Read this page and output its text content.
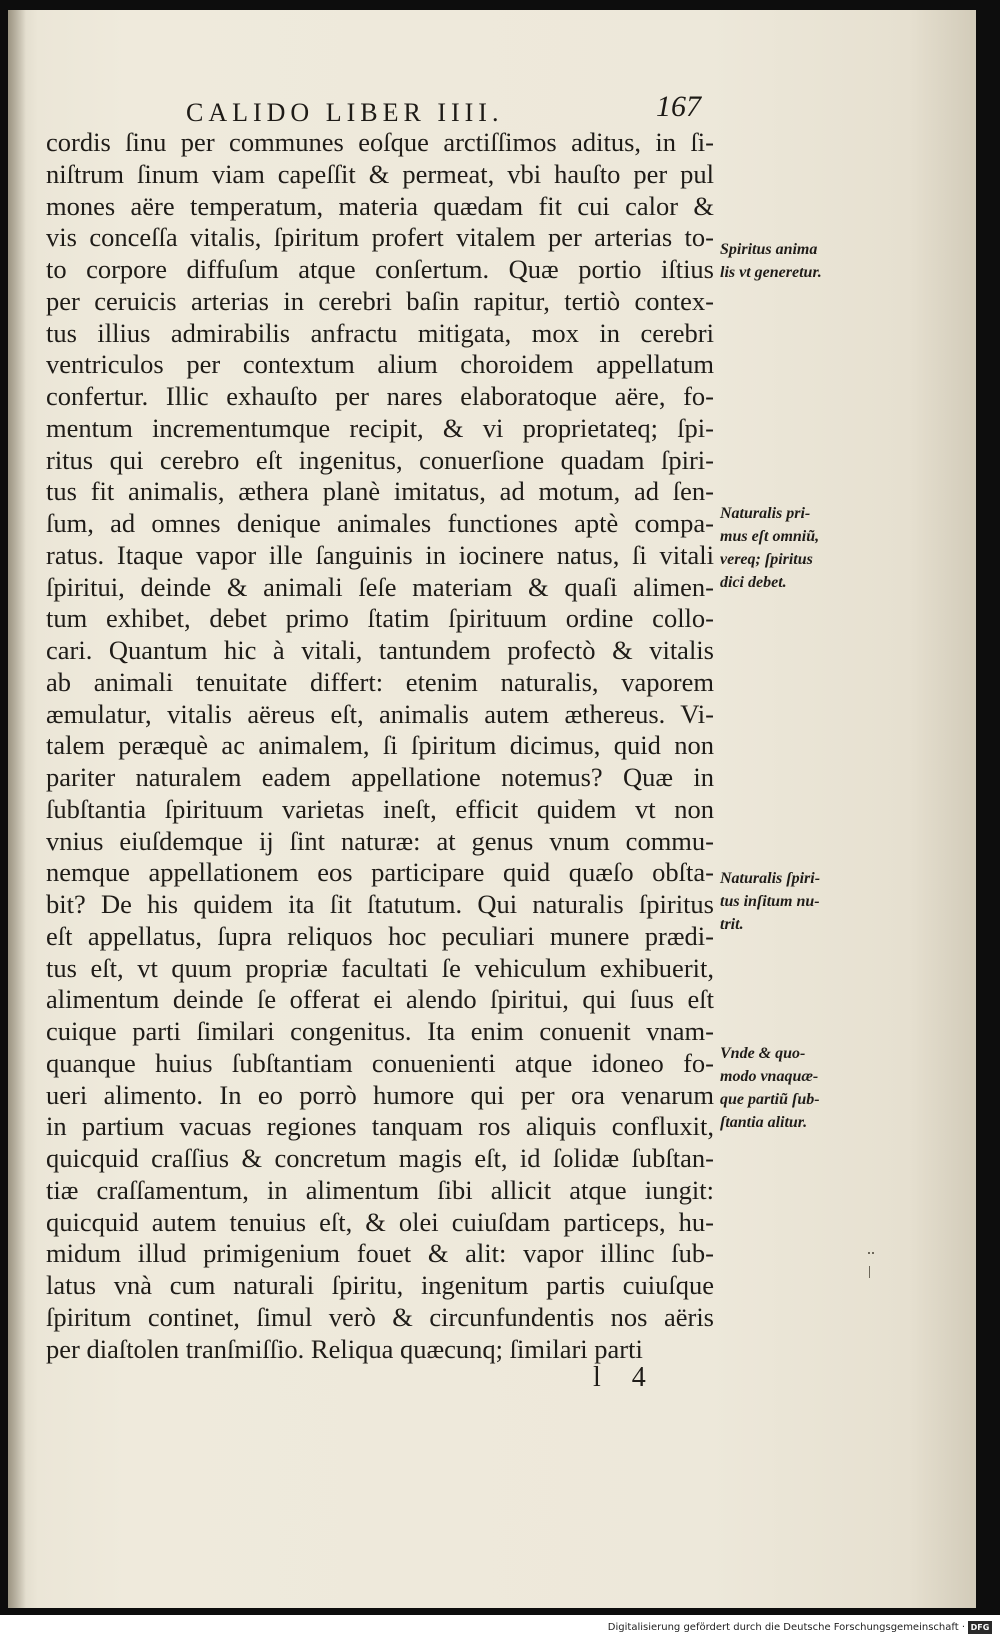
CALIDO LIBER IIII.	167
cordis ſinu per communes eoſque arctiſſimos aditus, in ſi-
niſtrum ſinum viam capeſſit & permeat, vbi hauſto per pul
mones aëre temperatum, materia quædam fit cui calor &
vis conceſſa vitalis, ſpiritum profert vitalem per arterias to-
to corpore diffuſum atque conſertum. Quæ portio iſtius
per ceruicis arterias in cerebri baſin rapitur, tertiò contex-
tus illius admirabilis anfractu mitigata, mox in cerebri
ventriculos per contextum alium choroidem appellatum
confertur. Illic exhauſto per nares elaboratoque aëre, fo-
mentum incrementumque recipit, & vi proprietateq; ſpi-
ritus qui cerebro eſt ingenitus, conuerſione quadam ſpiri-
tus fit animalis, æthera planè imitatus, ad motum, ad ſen-
ſum, ad omnes denique animales functiones aptè compa-
ratus. Itaque vapor ille ſanguinis in iocinere natus, ſi vitali
ſpiritui, deinde & animali ſeſe materiam & quaſi alimen-
tum exhibet, debet primo ſtatim ſpirituum ordine collo-
cari. Quantum hic à vitali, tantundem profectò & vitalis
ab animali tenuitate differt: etenim naturalis, vaporem
æmulatur, vitalis aëreus eſt, animalis autem æthereus. Vi-
talem peræquè ac animalem, ſi ſpiritum dicimus, quid non
pariter naturalem eadem appellatione notemus? Quæ in
ſubſtantia ſpirituum varietas ineſt, efficit quidem vt non
vnius eiuſdemque ij ſint naturæ: at genus vnum commu-
nemque appellationem eos participare quid quæſo obſta-
bit? De his quidem ita ſit ſtatutum. Qui naturalis ſpiritus
eſt appellatus, ſupra reliquos hoc peculiari munere prædi-
tus eſt, vt quum propriæ facultati ſe vehiculum exhibuerit,
alimentum deinde ſe offerat ei alendo ſpiritui, qui ſuus eſt
cuique parti ſimilari congenitus. Ita enim conuenit vnam-
quanque huius ſubſtantiam conuenienti atque idoneo fo-
ueri alimento. In eo porrò humore qui per ora venarum
in partium vacuas regiones tanquam ros aliquis confluxit,
quicquid craſſius & concretum magis eſt, id ſolidæ ſubſtan-
tiæ craſſamentum, in alimentum ſibi allicit atque iungit:
quicquid autem tenuius eſt, & olei cuiuſdam particeps, hu-
midum illud primigenium fouet & alit: vapor illinc ſub-
latus vnà cum naturali ſpiritu, ingenitum partis cuiuſque
ſpiritum continet, ſimul verò & circunfundentis nos aëris
per diaſtolen tranſmiſſio. Reliqua quæcunq; ſimilari parti
Spiritus anima
lis vt generetur.
Naturalis pri-
mus eſt omniũ,
vereq; ſpiritus
dici debet.
Naturalis ſpiri-
tus inſitum nu-
trit.
Vnde & quo-
modo vnaquæ-
que partiũ ſub-
ſtantia alitur.
l 4
Digitalisierung gefördert durch die Deutsche Forschungsgemeinschaft · DFG
